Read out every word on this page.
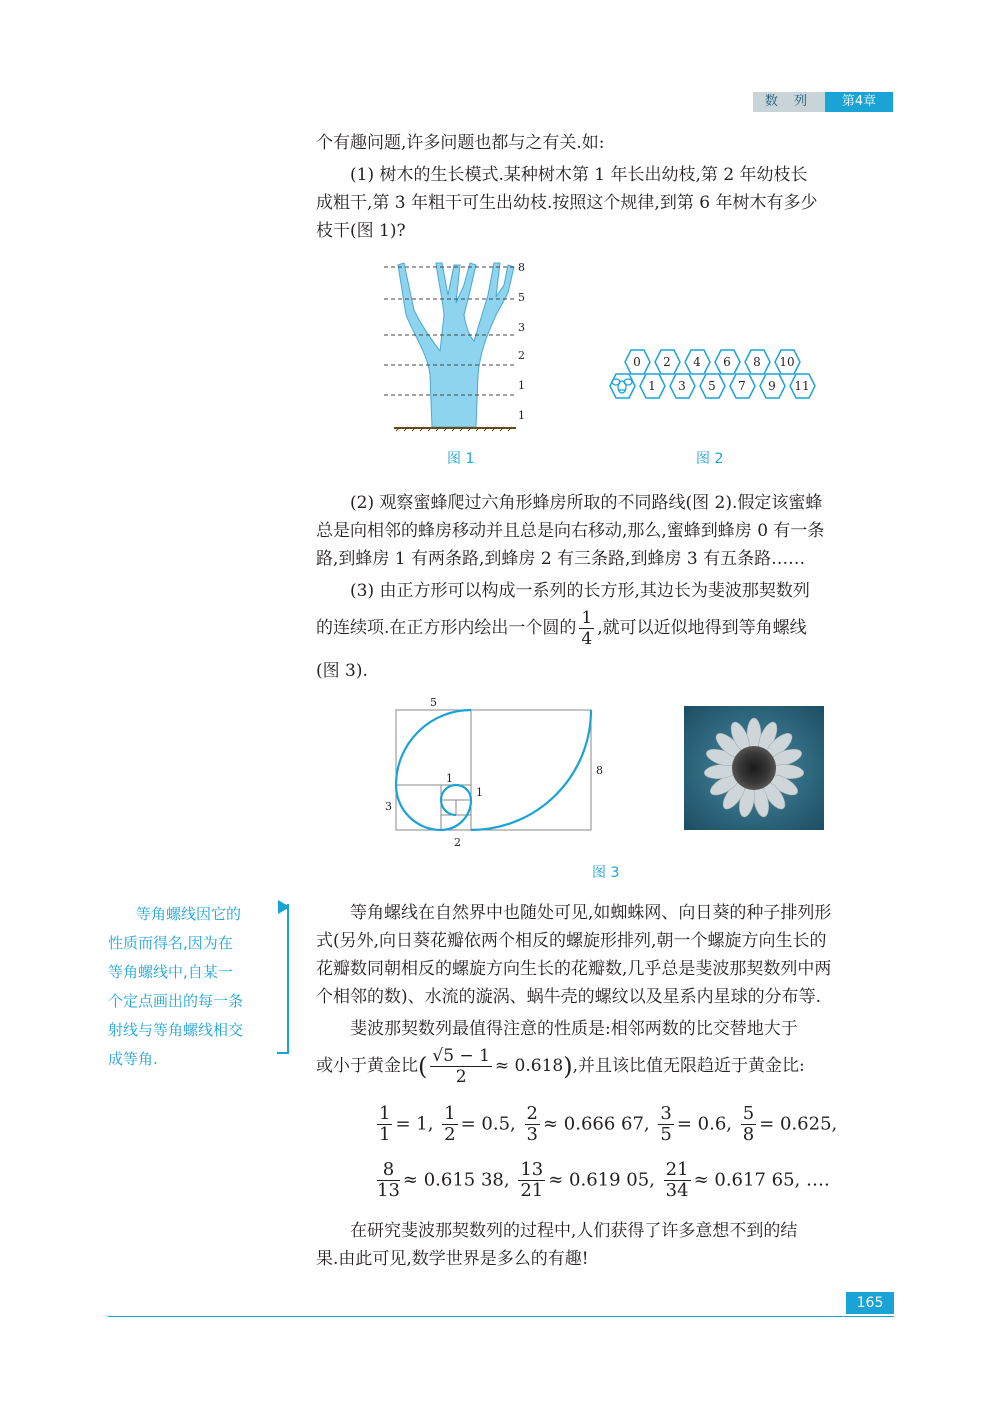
数 列	第4章
个有趣问题,许多问题也都与之有关.如:
(1) 树木的生长模式.某种树木第 1 年长出幼枝,第 2 年幼枝长
成粗干,第 3 年粗干可生出幼枝.按照这个规律,到第 6 年树木有多少
枝干(图 1)?
8
5
3
2
1
1
图 1
0 2 4 6 8 10
1 3 5 7 9 11
图 2
(2) 观察蜜蜂爬过六角形蜂房所取的不同路线(图 2).假定该蜜蜂
总是向相邻的蜂房移动并且总是向右移动,那么,蜜蜂到蜂房 0 有一条
路,到蜂房 1 有两条路,到蜂房 2 有三条路,到蜂房 3 有五条路……
(3) 由正方形可以构成一系列的长方形,其边长为斐波那契数列
的连续项.在正方形内绘出一个圆的 $\frac{1}{4}$ ,就可以近似地得到等角螺线
(图 3).
5
8
3
2
1
1
图 3
等角螺线因它的
性质而得名,因为在
等角螺线中,自某一
个定点画出的每一条
射线与等角螺线相交
成等角.
等角螺线在自然界中也随处可见,如蜘蛛网、向日葵的种子排列形
式(另外,向日葵花瓣依两个相反的螺旋形排列,朝一个螺旋方向生长的
花瓣数同朝相反的螺旋方向生长的花瓣数,几乎总是斐波那契数列中两
个相邻的数)、水流的漩涡、蜗牛壳的螺纹以及星系内星球的分布等.
斐波那契数列最值得注意的性质是:相邻两数的比交替地大于
或小于黄金比( $\frac{√5 - 1}{2} \approx 0.618$),并且该比值无限趋近于黄金比:
$\frac{1}{1} = 1$, $\frac{1}{2} = 0.5$, $\frac{2}{3} \approx 0.666$ 67, $\frac{3}{5} = 0.6$, $\frac{5}{8} = 0.625$,
$\frac{8}{13} \approx 0.615$ 38, $\frac{13}{21} \approx 0.619$ 05, $\frac{21}{34} \approx 0.617$ 65, ….
在研究斐波那契数列的过程中,人们获得了许多意想不到的结
果.由此可见,数学世界是多么的有趣!
165
